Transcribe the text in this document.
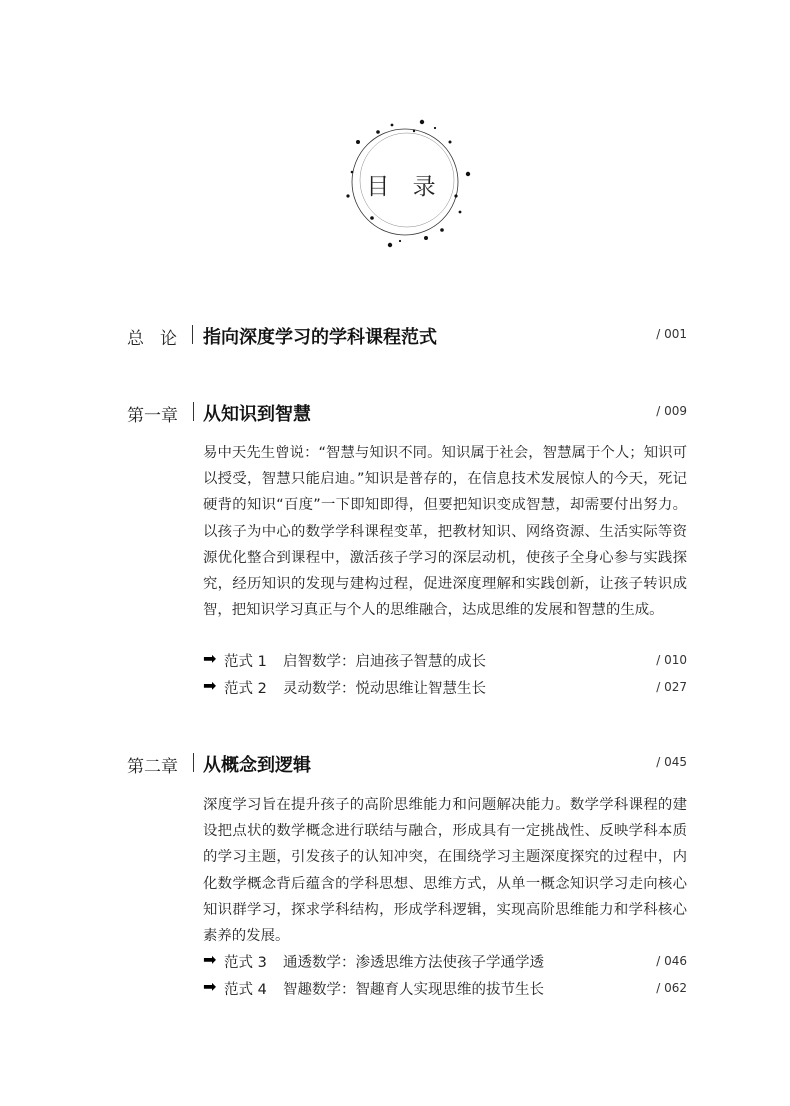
目 录
总 论 指向深度学习的学科课程范式	/ 001
第一章 从知识到智慧	/ 009

易中天先生曾说：“智慧与知识不同。知识属于社会，智慧属于个人；知识可以授受，智慧只能启迪。”知识是普存的，在信息技术发展惊人的今天，死记硬背的知识“百度”一下即知即得，但要把知识变成智慧，却需要付出努力。以孩子为中心的数学学科课程变革，把教材知识、网络资源、生活实际等资源优化整合到课程中，激活孩子学习的深层动机，使孩子全身心参与实践探究，经历知识的发现与建构过程，促进深度理解和实践创新，让孩子转识成智，把知识学习真正与个人的思维融合，达成思维的发展和智慧的生成。

➡ 范式 1 启智数学：启迪孩子智慧的成长	/ 010
➡ 范式 2 灵动数学：悦动思维让智慧生长	/ 027
第二章 从概念到逻辑	/ 045

深度学习旨在提升孩子的高阶思维能力和问题解决能力。数学学科课程的建设把点状的数学概念进行联结与融合，形成具有一定挑战性、反映学科本质的学习主题，引发孩子的认知冲突，在围绕学习主题深度探究的过程中，内化数学概念背后蕴含的学科思想、思维方式，从单一概念知识学习走向核心知识群学习，探求学科结构，形成学科逻辑，实现高阶思维能力和学科核心素养的发展。

➡ 范式 3 通透数学：渗透思维方法使孩子学通学透	/ 046
➡ 范式 4 智趣数学：智趣育人实现思维的拔节生长	/ 062
